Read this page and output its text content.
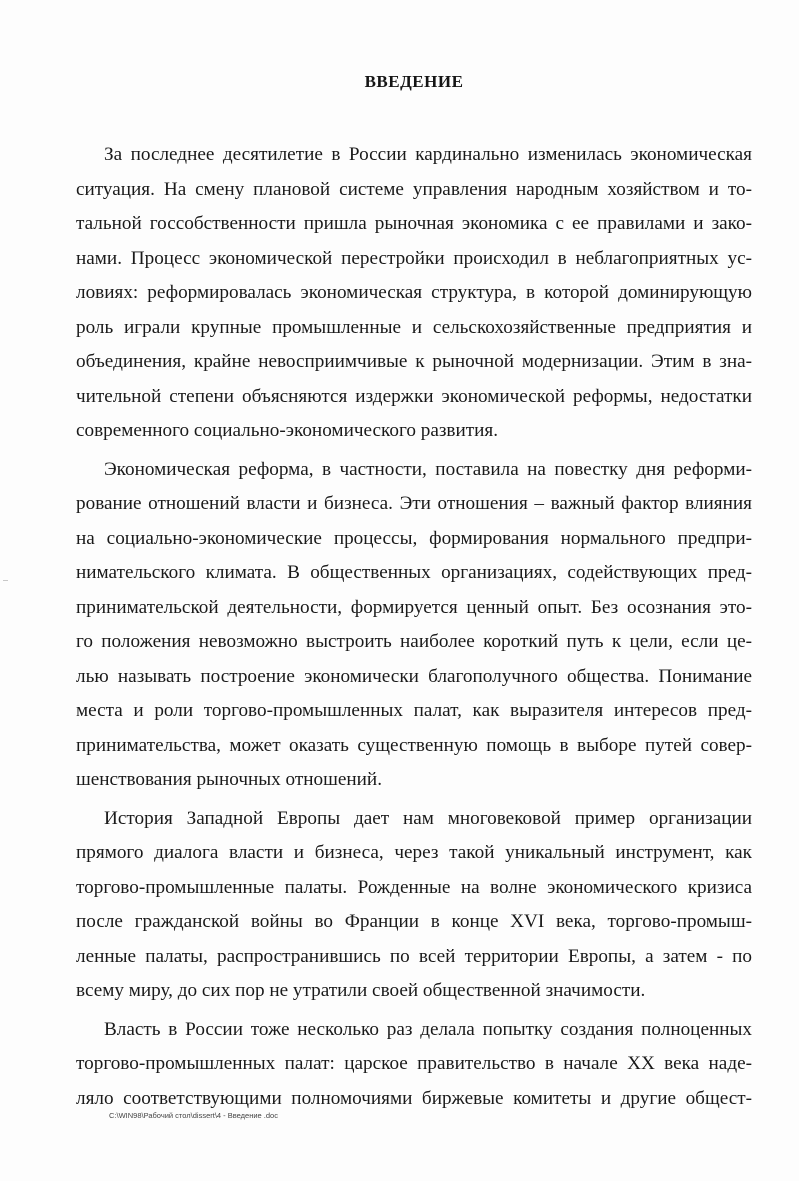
ВВЕДЕНИЕ
За последнее десятилетие в России кардинально изменилась экономическая
ситуация. На смену плановой системе управления народным хозяйством и то-
тальной госсобственности пришла рыночная экономика с ее правилами и зако-
нами. Процесс экономической перестройки происходил в неблагоприятных ус-
ловиях: реформировалась экономическая структура, в которой доминирующую
роль играли крупные промышленные и сельскохозяйственные предприятия и
объединения, крайне невосприимчивые к рыночной модернизации. Этим в зна-
чительной степени объясняются издержки экономической реформы, недостатки
современного социально-экономического развития.
Экономическая реформа, в частности, поставила на повестку дня реформи-
рование отношений власти и бизнеса. Эти отношения – важный фактор влияния
на социально-экономические процессы, формирования нормального предпри-
нимательского климата. В общественных организациях, содействующих пред-
принимательской деятельности, формируется ценный опыт. Без осознания это-
го положения невозможно выстроить наиболее короткий путь к цели, если це-
лью называть построение экономически благополучного общества. Понимание
места и роли торгово-промышленных палат, как выразителя интересов пред-
принимательства, может оказать существенную помощь в выборе путей совер-
шенствования рыночных отношений.
История Западной Европы дает нам многовековой пример организации
прямого диалога власти и бизнеса, через такой уникальный инструмент, как
торгово-промышленные палаты. Рожденные на волне экономического кризиса
после гражданской войны во Франции в конце XVI века, торгово-промыш-
ленные палаты, распространившись по всей территории Европы, а затем - по
всему миру, до сих пор не утратили своей общественной значимости.
Власть в России тоже несколько раз делала попытку создания полноценных
торгово-промышленных палат: царское правительство в начале XX века наде-
ляло соответствующими полномочиями биржевые комитеты и другие общест-
C:\WIN98\Рабочий стол\dissert\4 - Введение .doc
